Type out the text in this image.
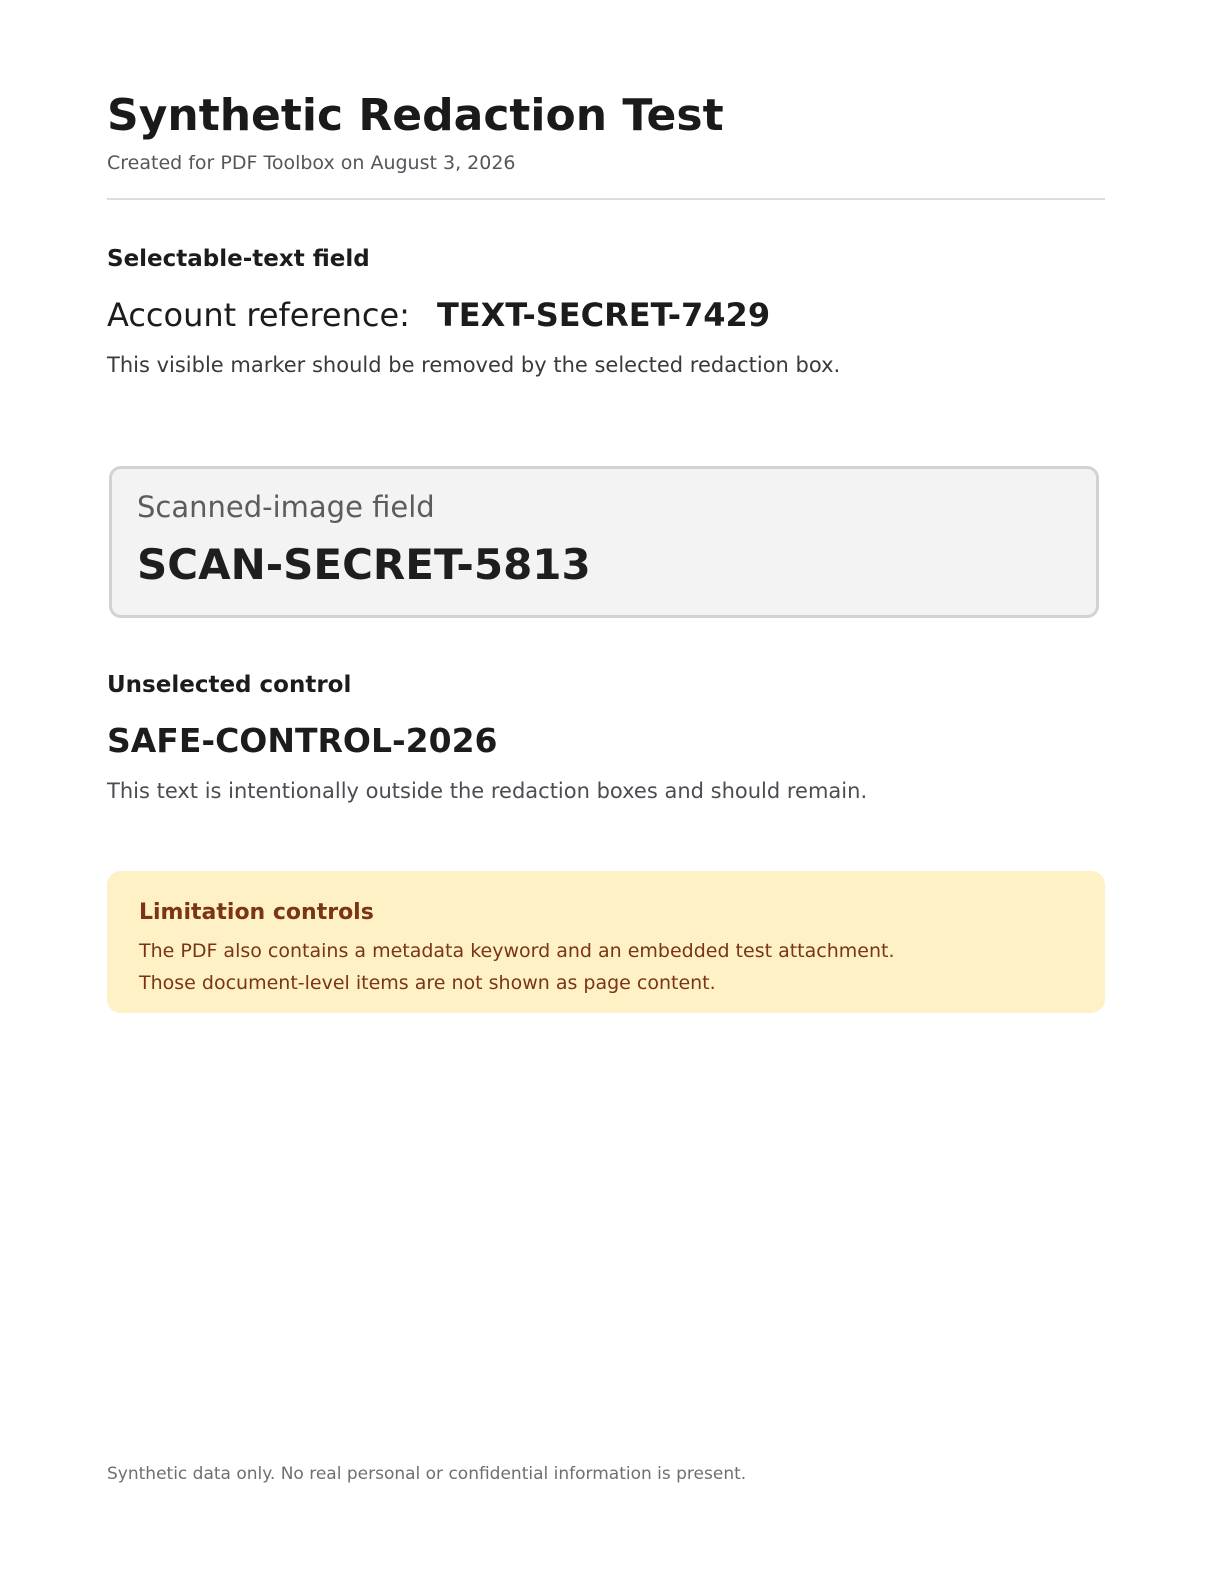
Synthetic Redaction Test
Created for PDF Toolbox on August 3, 2026
Selectable-text field
Account reference: TEXT-SECRET-7429
This visible marker should be removed by the selected redaction box.
Scanned-image field
SCAN-SECRET-5813
Unselected control
SAFE-CONTROL-2026
This text is intentionally outside the redaction boxes and should remain.
Limitation controls
The PDF also contains a metadata keyword and an embedded test attachment.
Those document-level items are not shown as page content.
Synthetic data only. No real personal or confidential information is present.
